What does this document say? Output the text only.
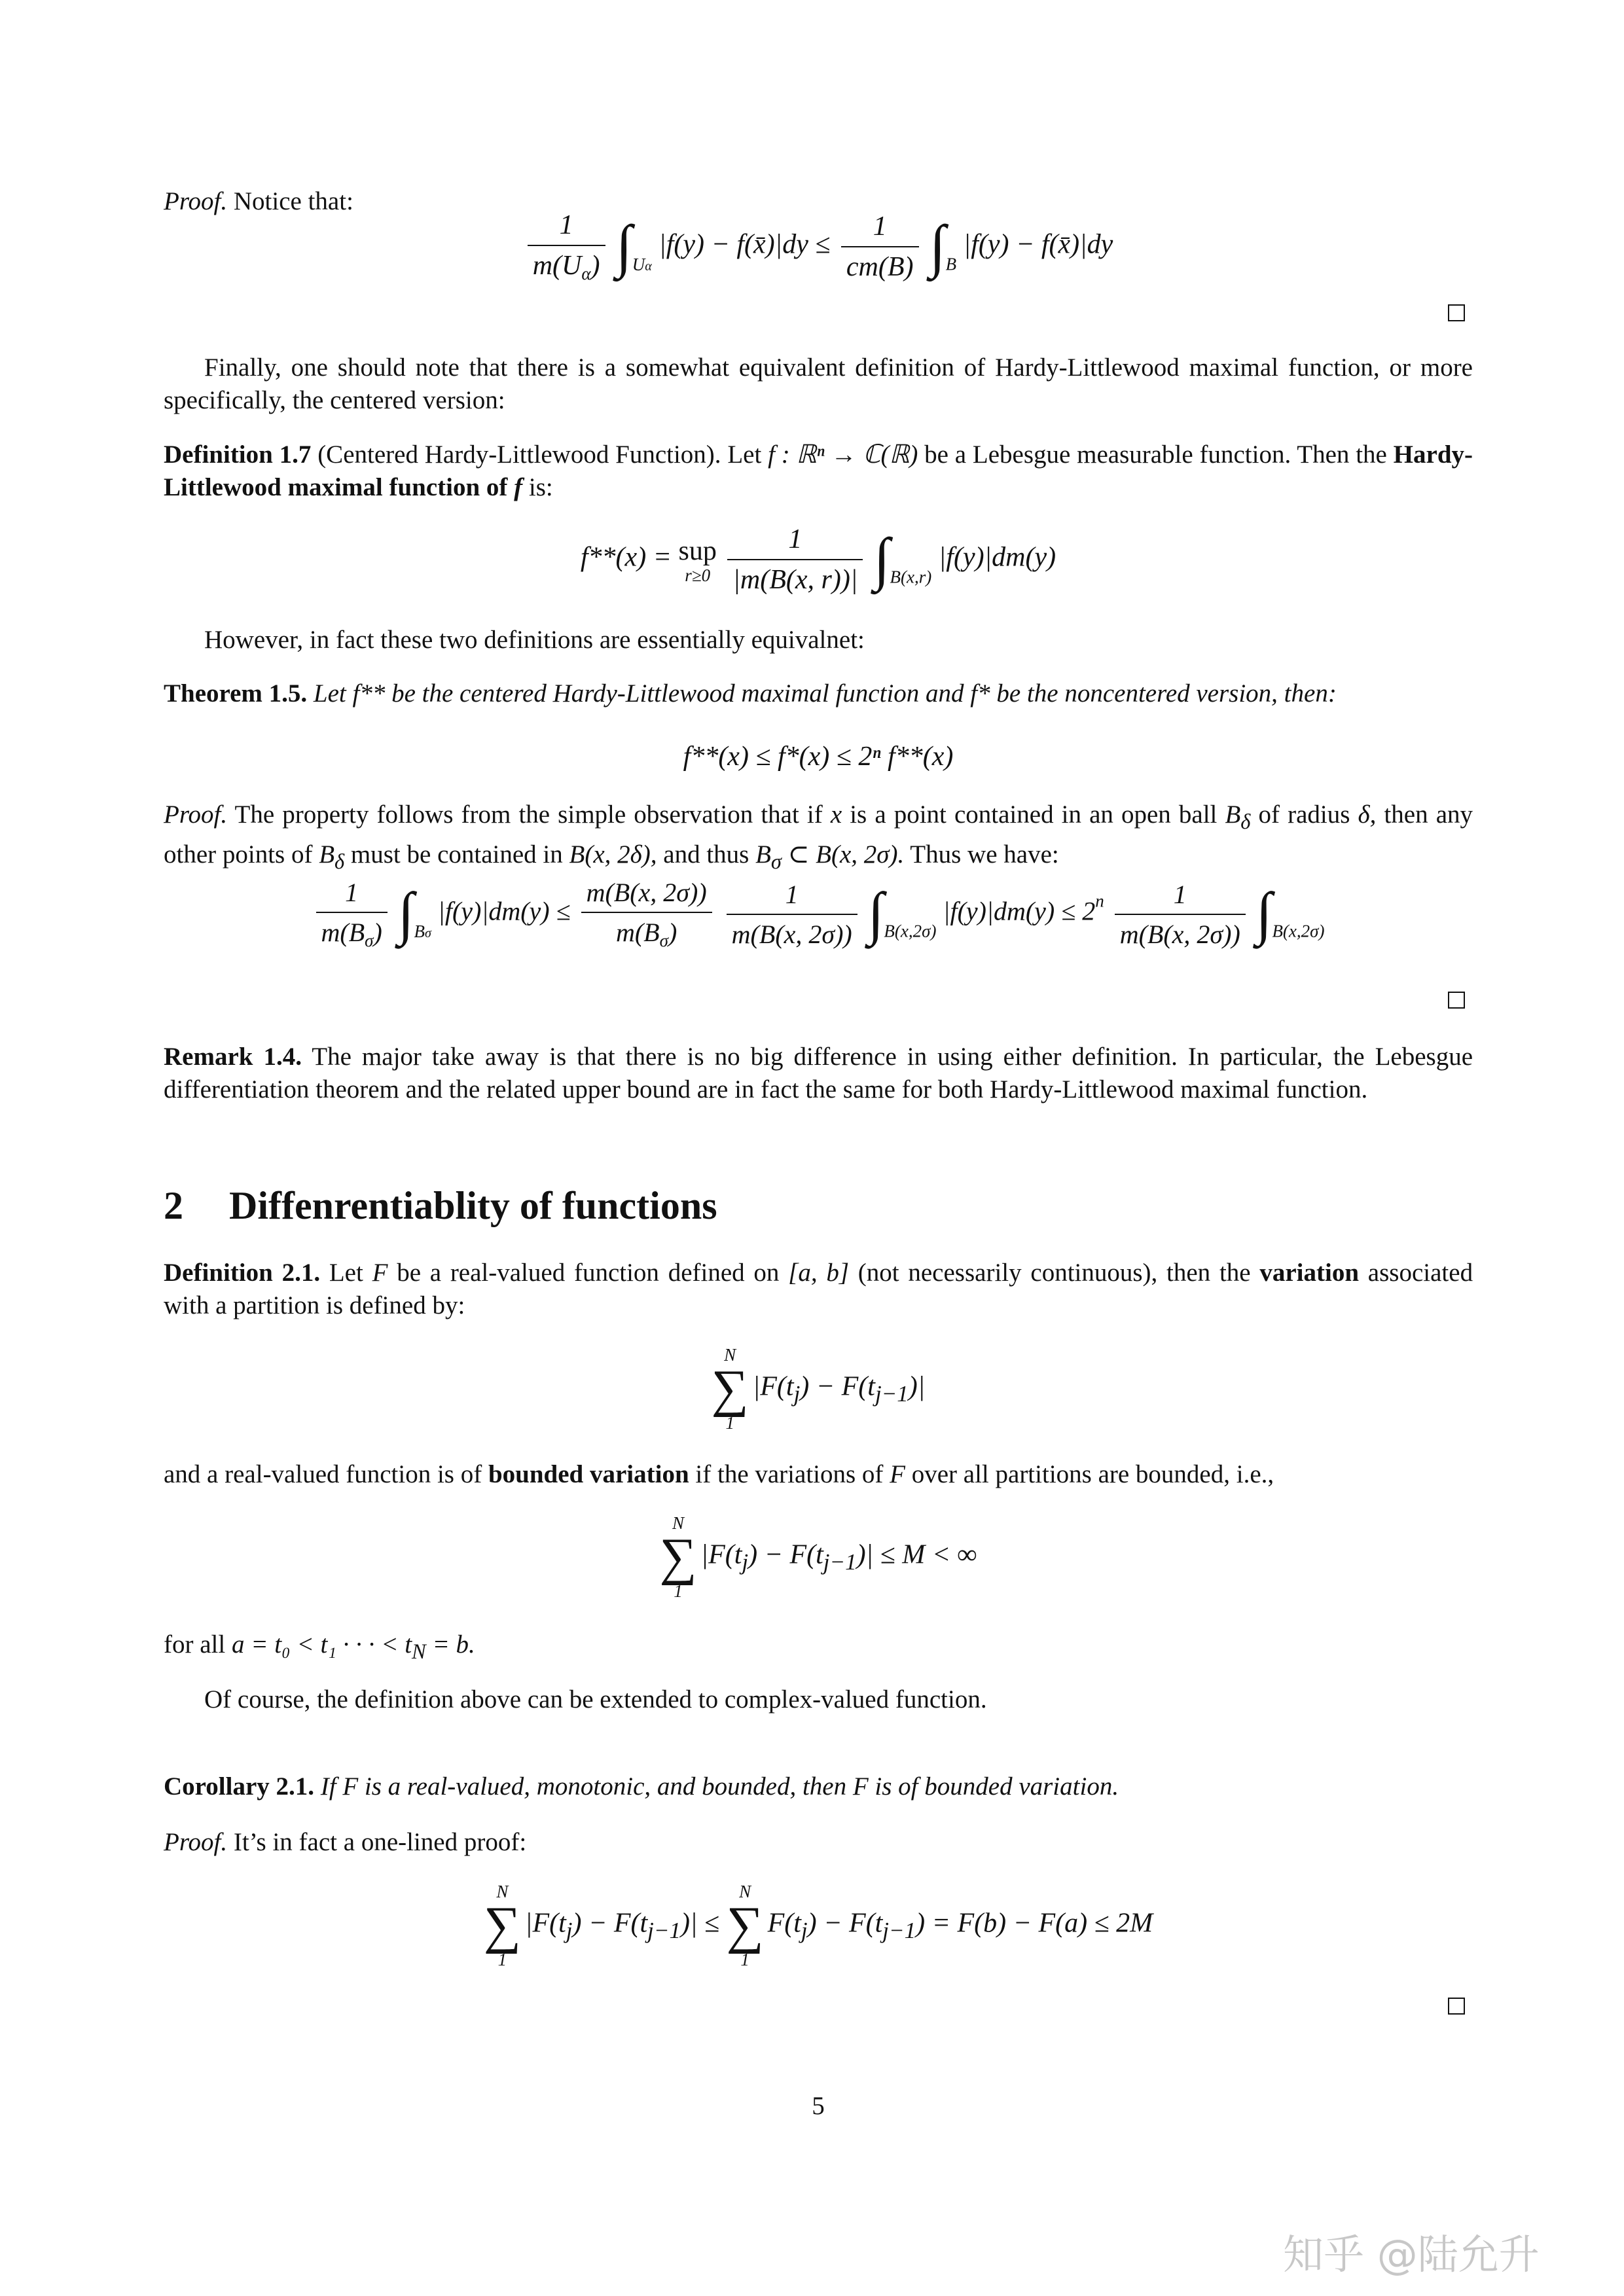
Proof. Notice that:

$\frac{1}{m(U_\alpha)} \int_{U\alpha}$ |f(y) − f(x̄)|dy ≤ $\frac{1}{cm(B)} \int_B$ |f(y) − f(x̄)|dy

Finally, one should note that there is a somewhat equivalent definition of Hardy-Littlewood maximal function, or more specifically, the centered version:

Definition 1.7 (Centered Hardy-Littlewood Function). Let f : ℝⁿ → ℂ(ℝ) be a Lebesgue measurable function. Then the Hardy-Littlewood maximal function of f is:

f**(x) = sup
r≥0
$\frac{1}{|m(B(x, r))|} \int_{B(x,r)}$ |f(y)|dm(y)

However, in fact these two definitions are essentially equivalnet:

Theorem 1.5. Let f** be the centered Hardy-Littlewood maximal function and f* be the noncentered version, then:

f**(x) ≤ f*(x) ≤ 2ⁿ f**(x)

Proof. The property follows from the simple observation that if x is a point contained in an open ball $B_\delta$ of radius δ, then any other points of $B_\delta$ must be contained in B(x, 2δ), and thus $B_\sigma$ ⊂ B(x, 2σ). Thus we have:

$\frac{1}{m(B_\sigma)} \int_{B\sigma}$ $|f(y)|dm(y) \le \frac{m(B(x, 2\sigma))}{m(B_\sigma)}$
$\frac{1}{m(B(x, 2\sigma))} \int_{B(x,2\sigma)}$ $|f(y)|dm(y) \le 2^n \frac{1}{m(B(x, 2\sigma))} \int_{B(x,2\sigma)}$

Remark 1.4. The major take away is that there is no big difference in using either definition. In particular, the Lebesgue differentiation theorem and the related upper bound are in fact the same for both Hardy-Littlewood maximal function.

2 Diffenrentiablity of functions

Definition 2.1. Let F be a real-valued function defined on [a, b] (not necessarily continuous), then the variation associated with a partition is defined by:

N
∑
1
$|F(t_j) - F(t_{j-1})|$

and a real-valued function is of bounded variation if the variations of F over all partitions are bounded, i.e.,

N
∑
1
$|F(t_j) - F(t_{j-1})| \le M$ < ∞

for all a = t₀ < t₁ · · · < $t_N = b$.

Of course, the definition above can be extended to complex-valued function.

Corollary 2.1. If F is a real-valued, monotonic, and bounded, then F is of bounded variation.

Proof. It’s in fact a one-lined proof:

N
∑
1
$|F(t_j) - F(t_{j-1})|$ ≤
N
∑
1
$F(t_j) - F(t_{j-1}) = F(b) - F(a) \le 2M$
5
知乎 @陆允升
